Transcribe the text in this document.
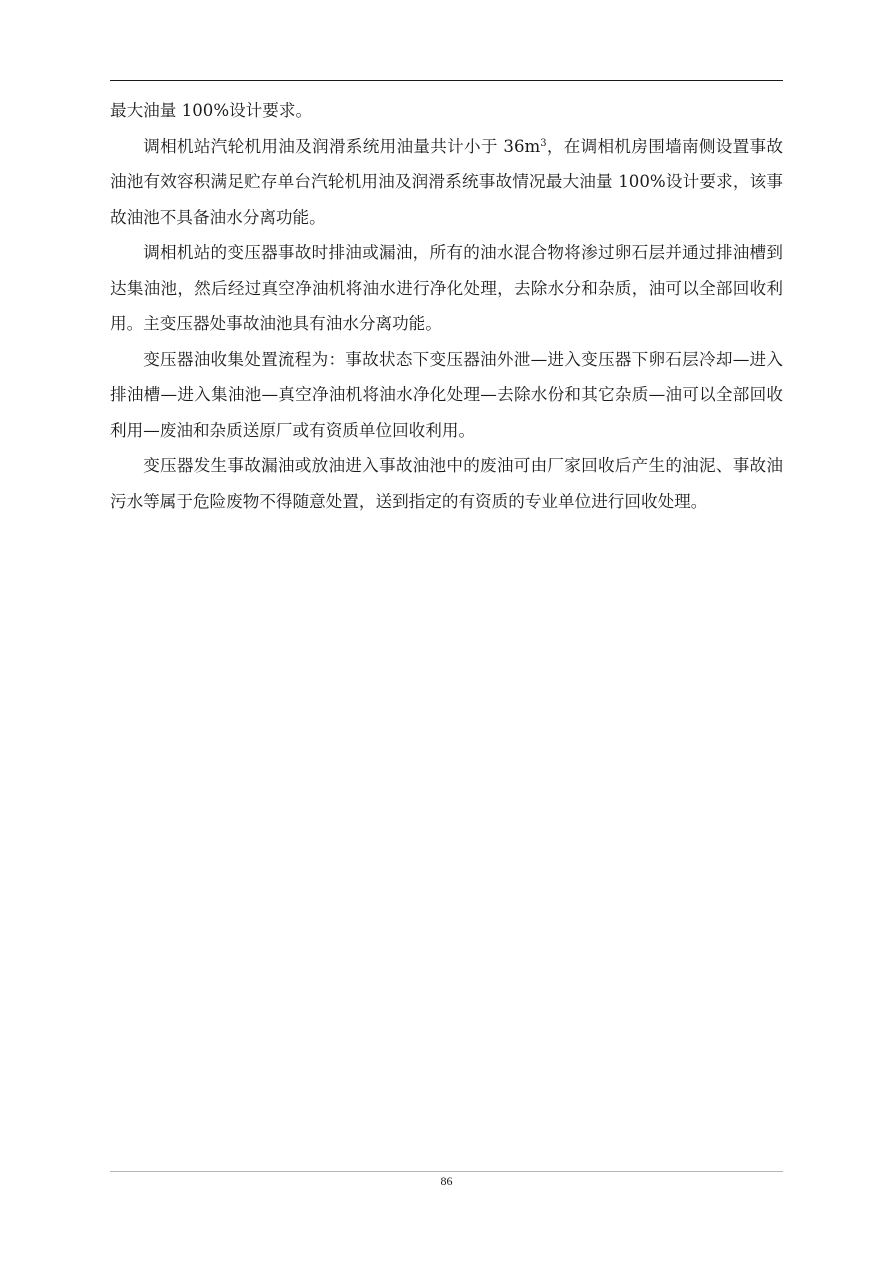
最大油量 100%设计要求。

调相机站汽轮机用油及润滑系统用油量共计小于 $36m^3$，在调相机房围墙南侧设置事故油池有效容积满足贮存单台汽轮机用油及润滑系统事故情况最大油量 100%设计要求，该事故油池不具备油水分离功能。

调相机站的变压器事故时排油或漏油，所有的油水混合物将渗过卵石层并通过排油槽到达集油池，然后经过真空净油机将油水进行净化处理，去除水分和杂质，油可以全部回收利用。主变压器处事故油池具有油水分离功能。

变压器油收集处置流程为：事故状态下变压器油外泄—进入变压器下卵石层冷却—进入排油槽—进入集油池—真空净油机将油水净化处理—去除水份和其它杂质—油可以全部回收利用—废油和杂质送原厂或有资质单位回收利用。

变压器发生事故漏油或放油进入事故油池中的废油可由厂家回收后产生的油泥、事故油污水等属于危险废物不得随意处置，送到指定的有资质的专业单位进行回收处理。

86
